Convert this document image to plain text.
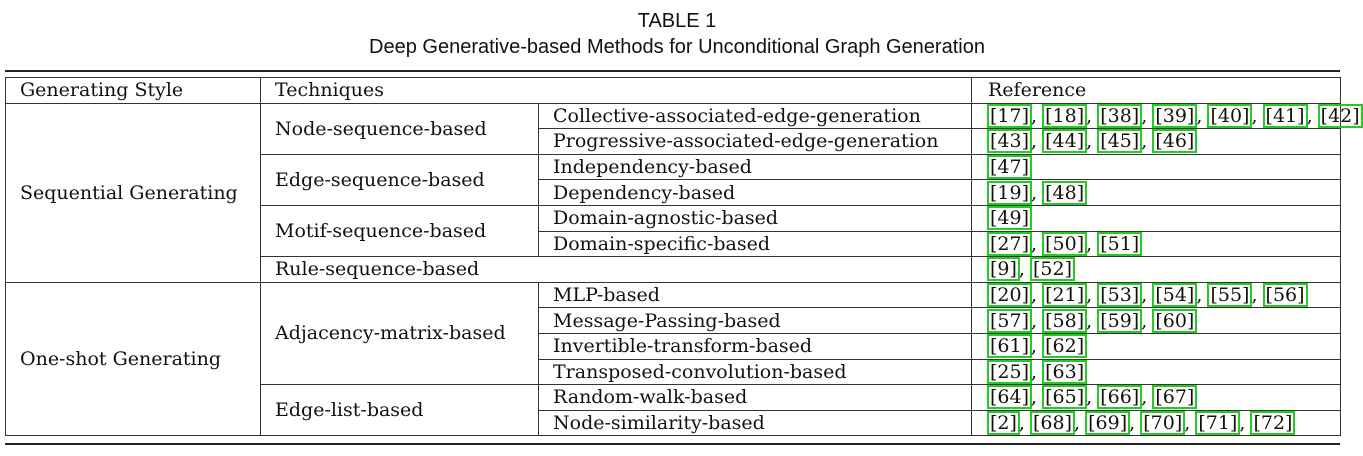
TABLE 1
Deep Generative-based Methods for Unconditional Graph Generation
Generating Style	Techniques		Reference
Sequential Generating	Node-sequence-based	Collective-associated-edge-generation	[17] , [18] , [38] , [39] , [40] , [41] , [42]
		Progressive-associated-edge-generation	[43] , [44] , [45] , [46]
	Edge-sequence-based	Independency-based	[47]
		Dependency-based	[19] , [48]
	Motif-sequence-based	Domain-agnostic-based	[49]
		Domain-specific-based	[27] , [50] , [51]
	Rule-sequence-based		[9] , [52]
One-shot Generating	Adjacency-matrix-based	MLP-based	[20] , [21] , [53] , [54] , [55] , [56]
		Message-Passing-based	[57] , [58] , [59] , [60]
		Invertible-transform-based	[61] , [62]
		Transposed-convolution-based	[25] , [63]
	Edge-list-based	Random-walk-based	[64] , [65] , [66] , [67]
		Node-similarity-based	[2] , [68] , [69] , [70] , [71] , [72]
